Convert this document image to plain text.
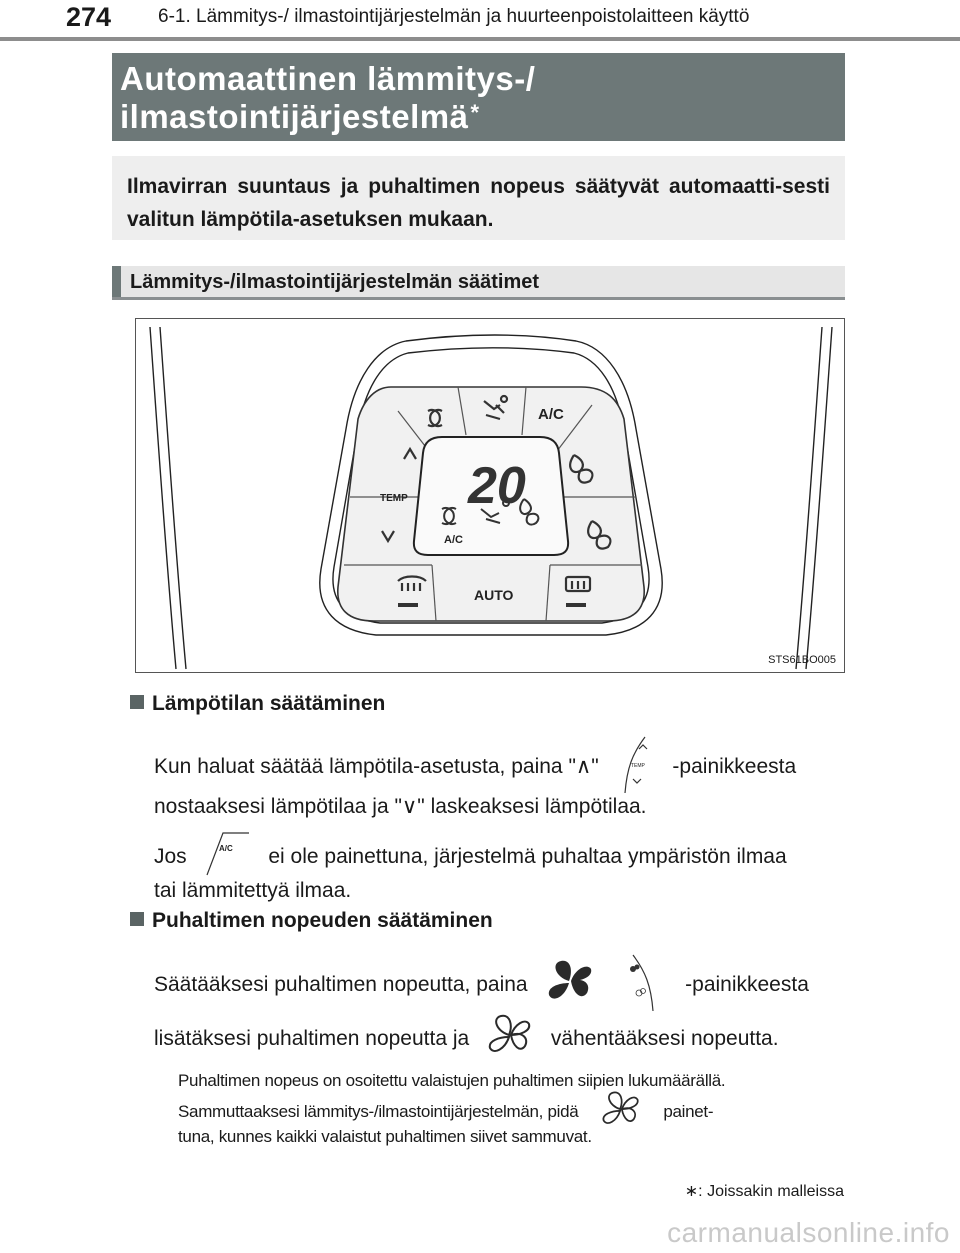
274 6-1. Lämmitys-/ ilmastointijärjestelmän ja huurteenpoistolaitteen käyttö
Automaattinen lämmitys-/
ilmastointijärjestelmä*
Ilmavirran suuntaus ja puhaltimen nopeus säätyvät automaatti-sesti valitun lämpötila-asetuksen mukaan.
Lämmitys-/ilmastointijärjestelmän säätimet
20
A/C
A/C
TEMP
AUTO
STS61BO005
Lämpötilan säätäminen
Kun haluat säätää lämpötila-asetusta, paina "∧"	TEMP -painikkeesta
nostaaksesi lämpötilaa ja "∨" laskeaksesi lämpötilaa.
Jos	A/C ei ole painettuna, järjestelmä puhaltaa ympäristön ilmaa
tai lämmitettyä ilmaa.
Puhaltimen nopeuden säätäminen
Säätääksesi puhaltimen nopeutta, paina	-painikkeesta
lisätäksesi puhaltimen nopeutta ja	vähentääksesi nopeutta.
Puhaltimen nopeus on osoitettu valaistujen puhaltimen siipien lukumäärällä.
Sammuttaaksesi lämmitys-/ilmastointijärjestelmän, pidä	painet-
tuna, kunnes kaikki valaistut puhaltimen siivet sammuvat.
∗: Joissakin malleissa
carmanualsonline.info
